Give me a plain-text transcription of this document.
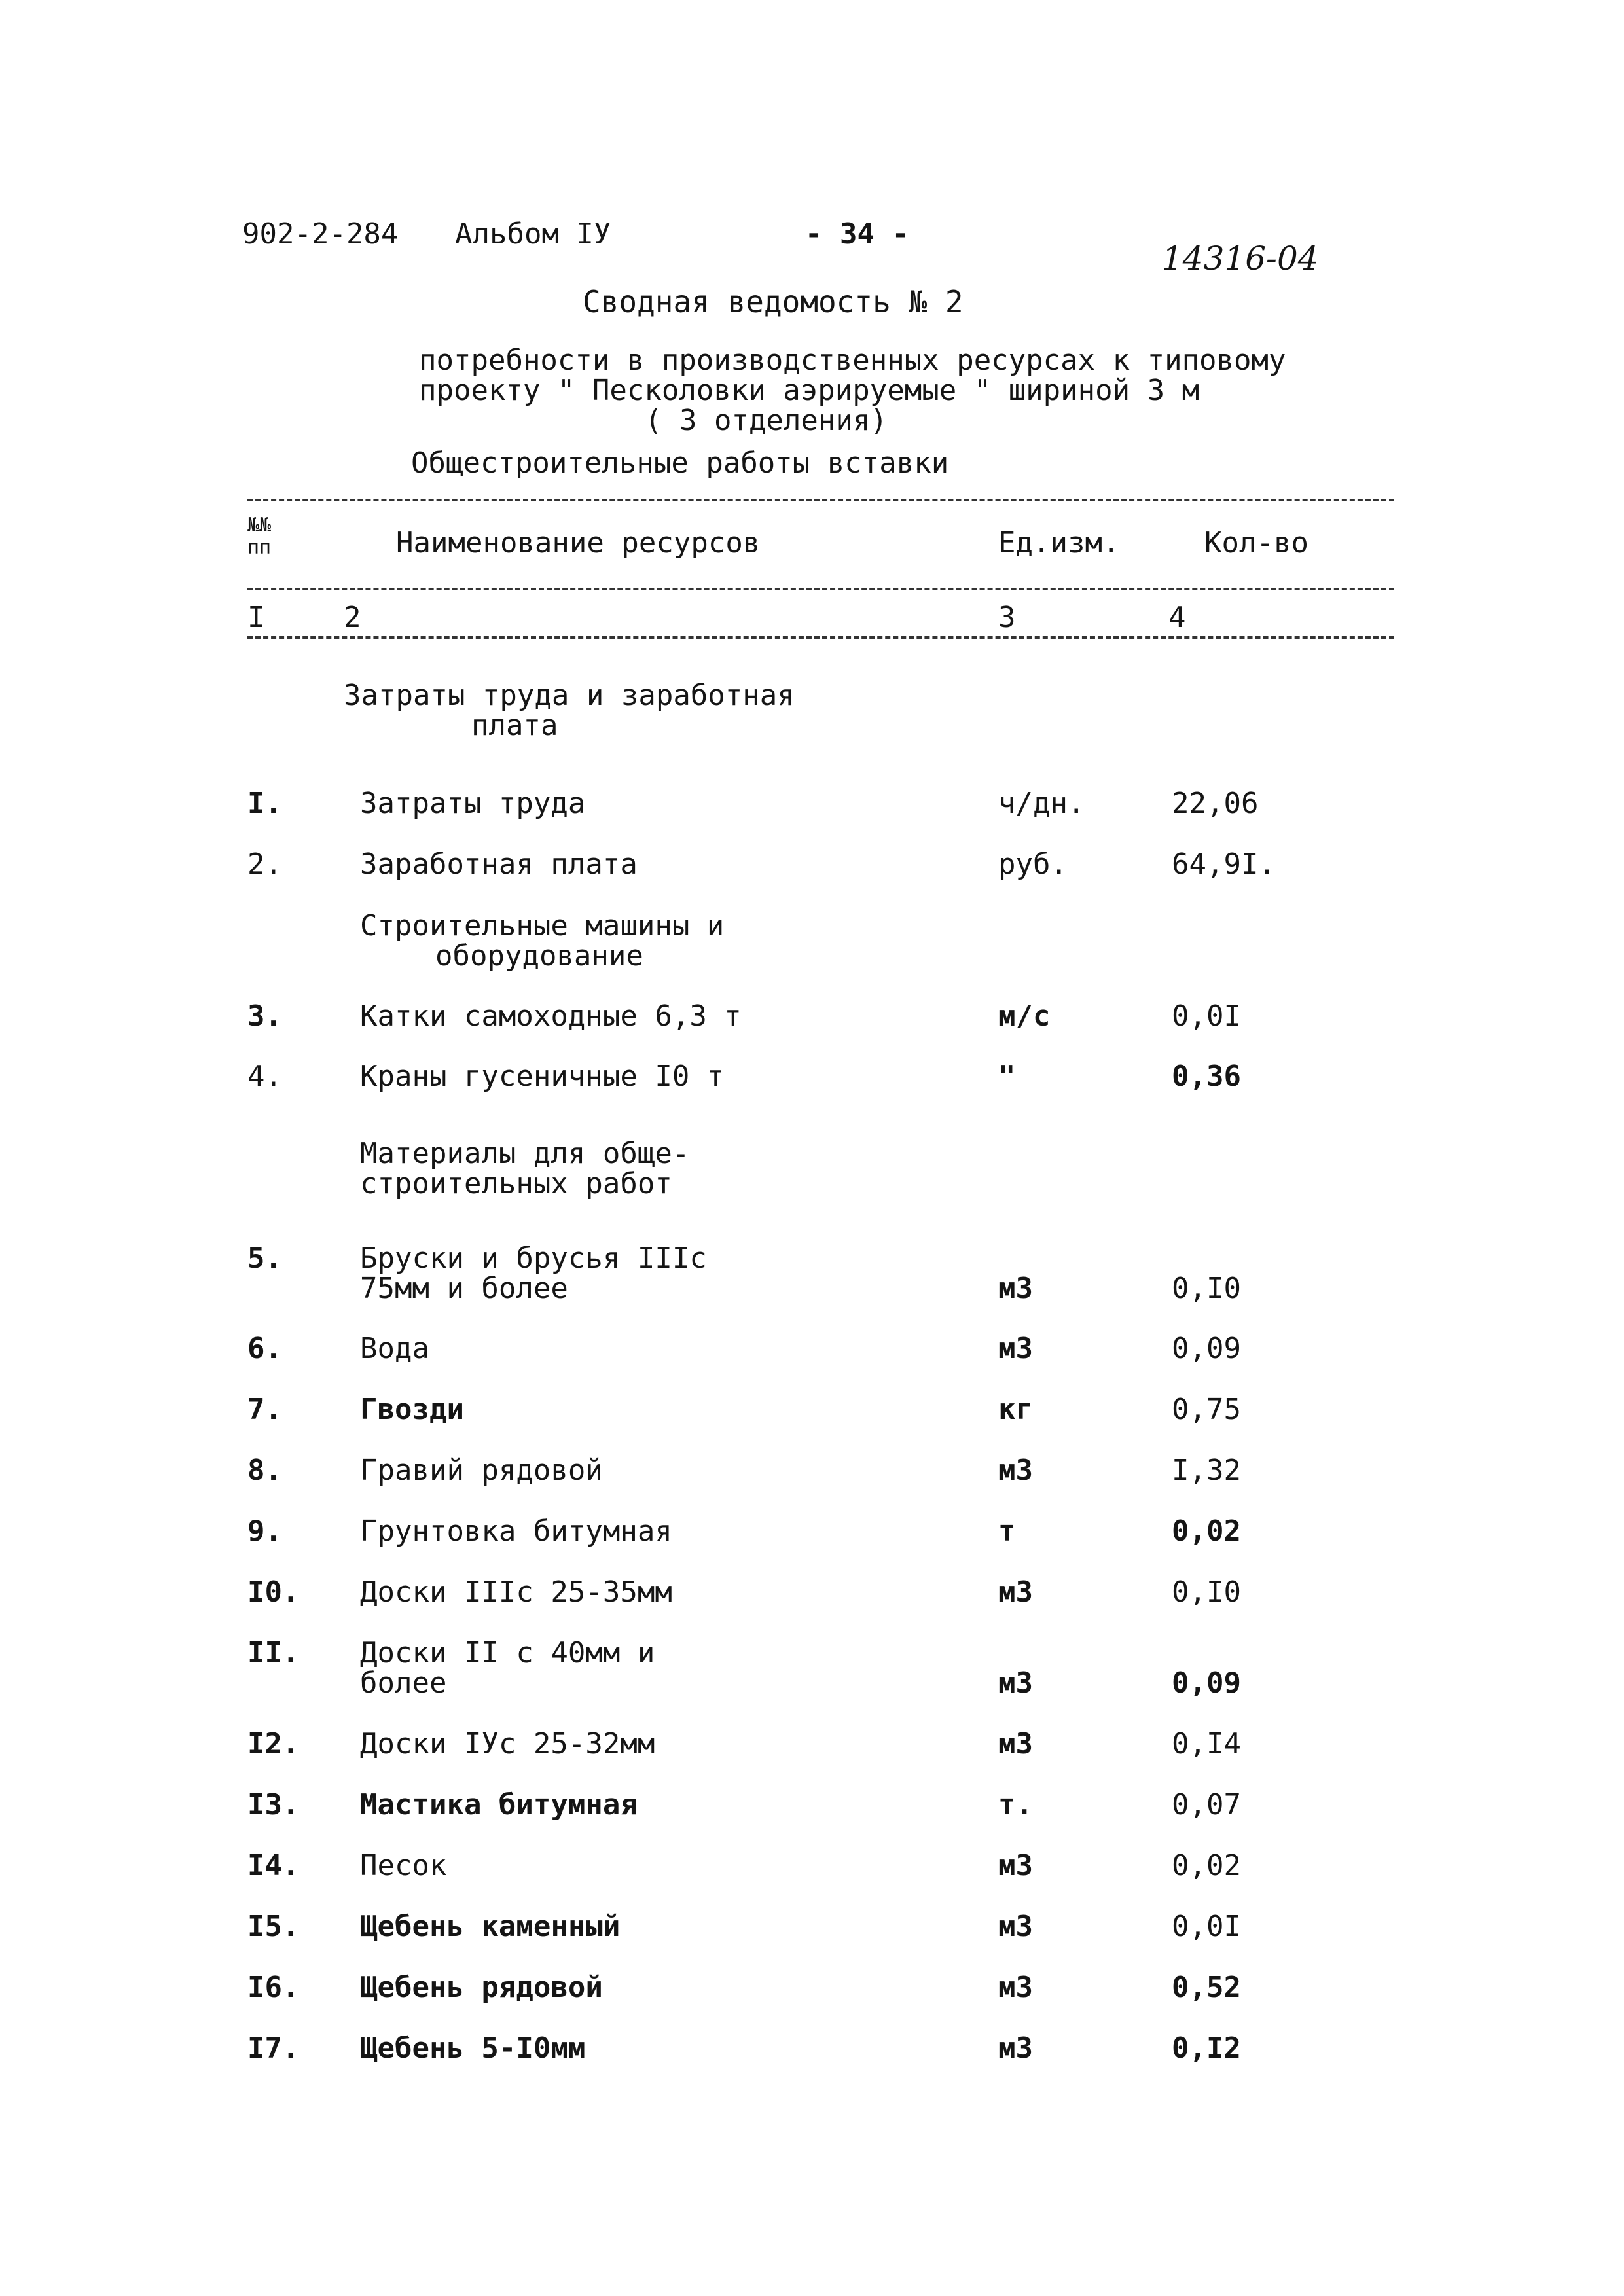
902-2-284 Альбом IУ	- 34 -
14316-04
Сводная ведомость № 2
потребности в производственных ресурсах к типовому
проекту " Песколовки аэрируемые " шириной 3 м
( 3 отделения)
Общестроительные работы вставки
№№ пп	Наименование ресурсов	Ед.изм.	Кол-во
I	2	3	4
Затраты труда и заработная
плата
I.	Затраты труда	ч/дн.	22,06
2.	Заработная плата	руб.	64,9I.
Строительные машины и
оборудование
3.	Катки самоходные 6,3 т	м/с	0,0I
4.	Краны гусеничные I0 т	"	0,36
Материалы для обще-
строительных работ
5.	Бруски и брусья IIIс
75мм и более	м3	0,I0
6.	Вода	м3	0,09
7.	Гвозди	кг	0,75
8.	Гравий рядовой	м3	I,32
9.	Грунтовка битумная	т	0,02
I0. Доски IIIс 25-35мм	м3	0,I0
II. Доски II с 40мм и
более	м3	0,09
I2. Доски IУс 25-32мм	м3	0,I4
I3. Мастика битумная	т.	0,07
I4. Песок	м3	0,02
I5. Щебень каменный	м3	0,0I
I6. Щебень рядовой	м3	0,52
I7. Щебень 5-I0мм	м3	0,I2
